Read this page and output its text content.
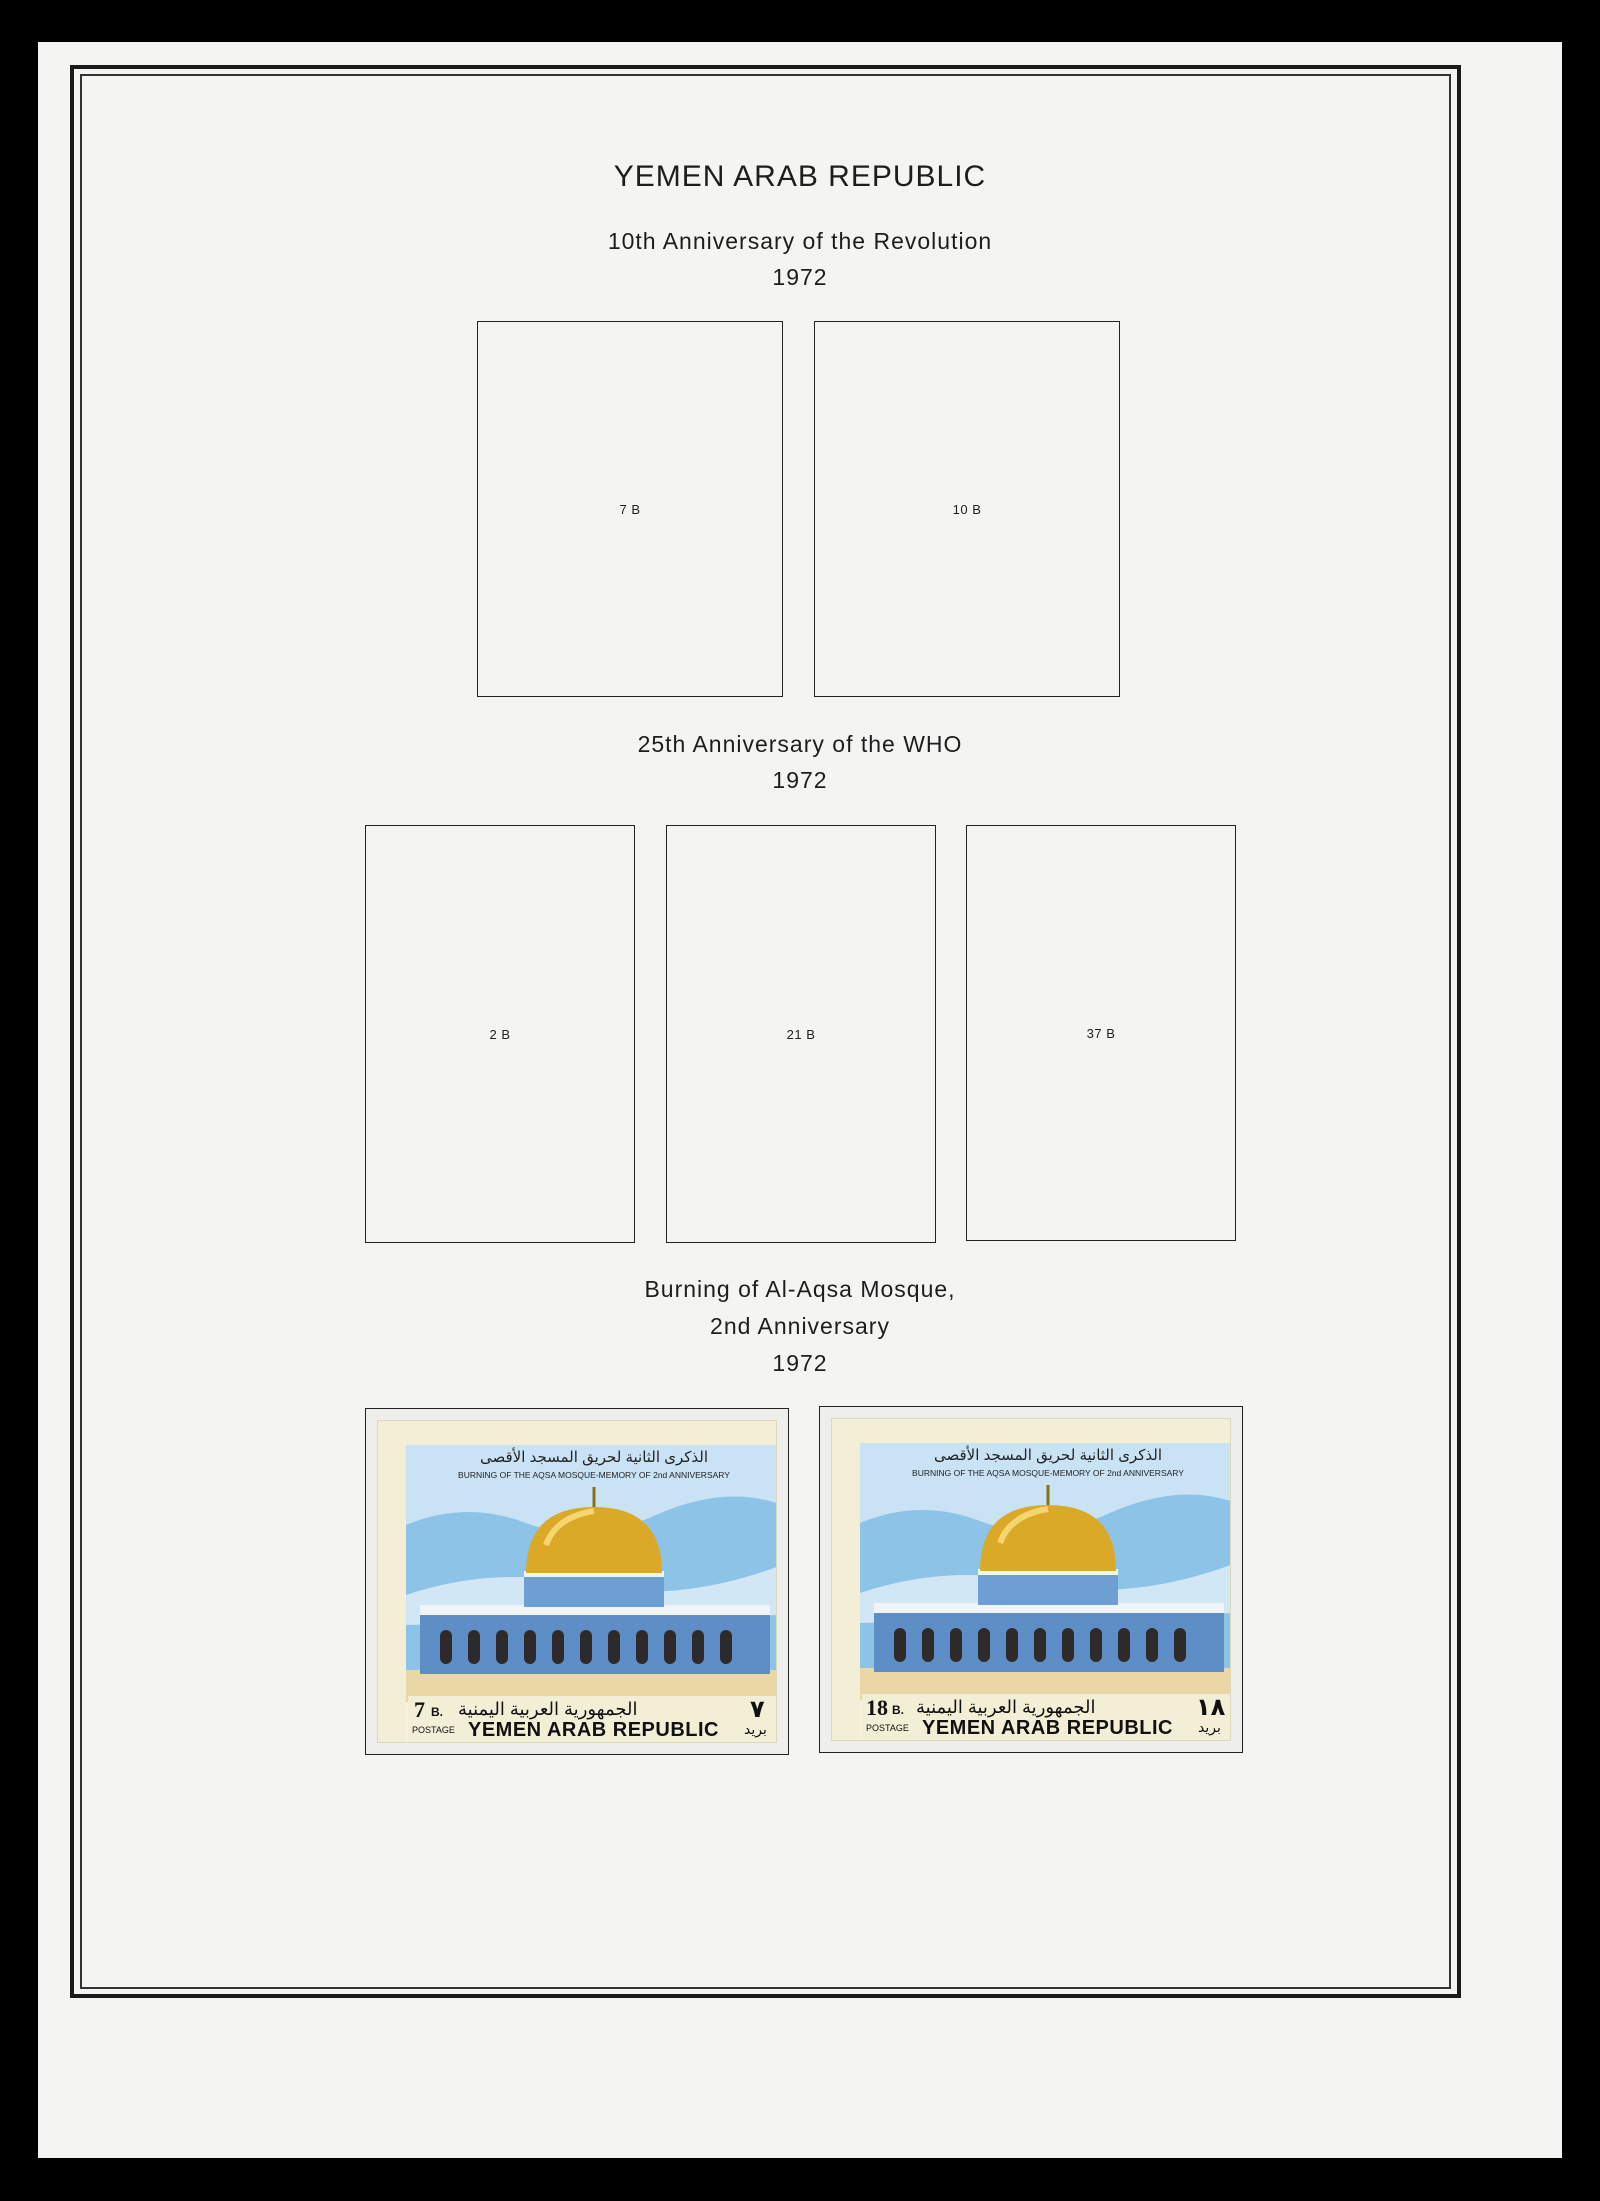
YEMEN ARAB REPUBLIC
10th Anniversary of the Revolution
1972
7 B	10 B
25th Anniversary of the WHO
1972
2 B	21 B	37 B
Burning of Al-Aqsa Mosque,
2nd Anniversary
1972
الذكرى الثانية لحريق المسجد الأقصى
BURNING OF THE AQSA MOSQUE-MEMORY OF 2nd ANNIVERSARY
7 B. الجمهورية العربية اليمنية	٧
POSTAGE YEMEN ARAB REPUBLIC بريد
الذكرى الثانية لحريق المسجد الأقصى
BURNING OF THE AQSA MOSQUE-MEMORY OF 2nd ANNIVERSARY
18 B. الجمهورية العربية اليمنية	١٨
POSTAGE YEMEN ARAB REPUBLIC بريد
